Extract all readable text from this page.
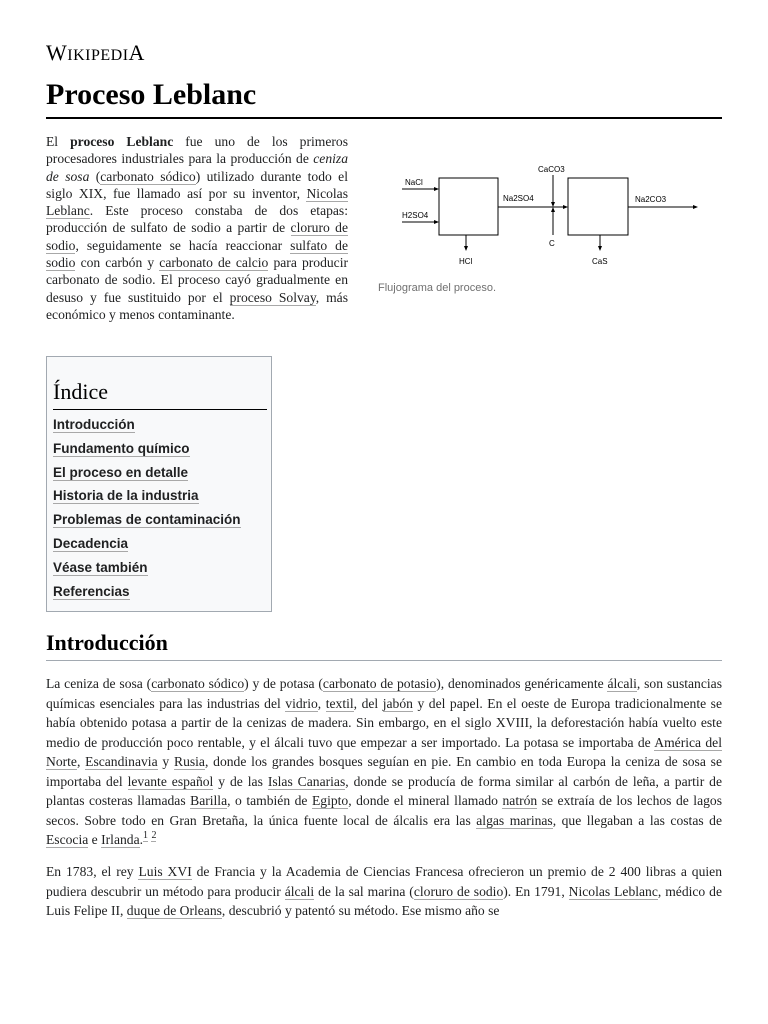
WIKIPEDIA
Proceso Leblanc

El proceso Leblanc fue uno de los primeros procesadores industriales para la producción de ceniza de sosa (carbonato sódico) utilizado durante todo el siglo XIX, fue llamado así por su inventor, Nicolas Leblanc. Este proceso constaba de dos etapas: producción de sulfato de sodio a partir de cloruro de sodio, seguidamente se hacía reaccionar sulfato de sodio con carbón y carbonato de calcio para producir carbonato de sodio. El proceso cayó gradualmente en desuso y fue sustituido por el proceso Solvay, más económico y menos contaminante.

NaCl
H2SO4
HCl
Na2SO4
CaCO3
C
CaS
Na2CO3
Flujograma del proceso.
Índice
Introducción
Fundamento químico
El proceso en detalle
Historia de la industria
Problemas de contaminación
Decadencia
Véase también
Referencias
Introducción

La ceniza de sosa (carbonato sódico) y de potasa (carbonato de potasio), denominados genéricamente álcali, son sustancias químicas esenciales para las industrias del vidrio, textil, del jabón y del papel. En el oeste de Europa tradicionalmente se había obtenido potasa a partir de la cenizas de madera. Sin embargo, en el siglo XVIII, la deforestación había vuelto este medio de producción poco rentable, y el álcali tuvo que empezar a ser importado. La potasa se importaba de América del Norte, Escandinavia y Rusia, donde los grandes bosques seguían en pie. En cambio en toda Europa la ceniza de sosa se importaba del levante español y de las Islas Canarias, donde se producía de forma similar al carbón de leña, a partir de plantas costeras llamadas Barilla, o también de Egipto, donde el mineral llamado natrón se extraía de los lechos de lagos secos. Sobre todo en Gran Bretaña, la única fuente local de álcalis era las algas marinas, que llegaban a las costas de Escocia e Irlanda.$^1$ $^2$

En 1783, el rey Luis XVI de Francia y la Academia de Ciencias Francesa ofrecieron un premio de 2 400 libras a quien pudiera descubrir un método para producir álcali de la sal marina (cloruro de sodio). En 1791, Nicolas Leblanc, médico de Luis Felipe II, duque de Orleans, descubrió y patentó su método. Ese mismo año se
